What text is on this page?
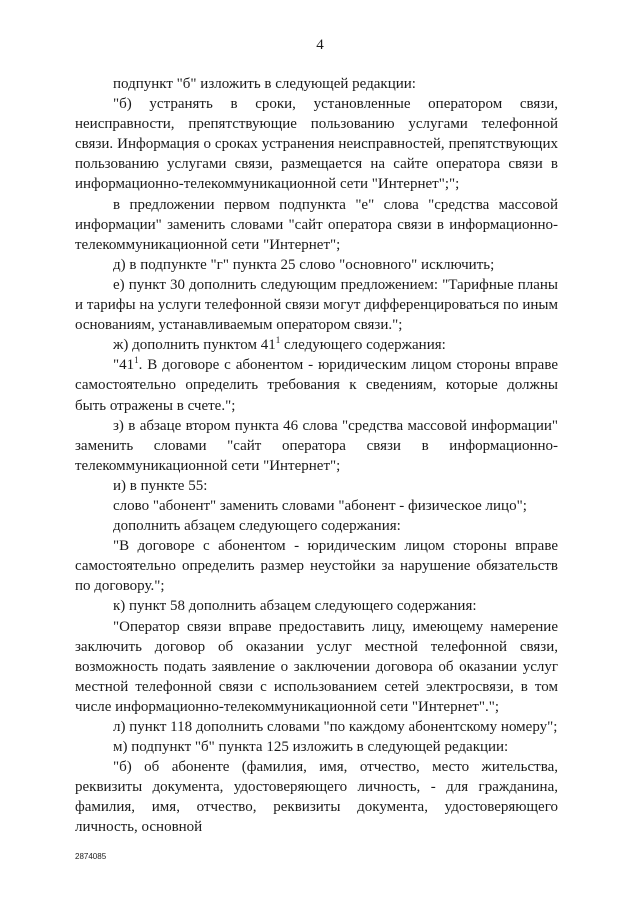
4

подпункт "б" изложить в следующей редакции:

"б) устранять в сроки, установленные оператором связи, неисправности, препятствующие пользованию услугами телефонной связи. Информация о сроках устранения неисправностей, препятствующих пользованию услугами связи, размещается на сайте оператора связи в информационно-телекоммуникационной сети "Интернет";";

в предложении первом подпункта "е" слова "средства массовой информации" заменить словами "сайт оператора связи в информационно-телекоммуникационной сети "Интернет";

д) в подпункте "г" пункта 25 слово "основного" исключить;

е) пункт 30 дополнить следующим предложением: "Тарифные планы и тарифы на услуги телефонной связи могут дифференцироваться по иным основаниям, устанавливаемым оператором связи.";

ж) дополнить пунктом $41^1$ следующего содержания:

"$41^1$. В договоре с абонентом - юридическим лицом стороны вправе самостоятельно определить требования к сведениям, которые должны быть отражены в счете.";

з) в абзаце втором пункта 46 слова "средства массовой информации" заменить словами "сайт оператора связи в информационно-телекоммуникационной сети "Интернет";

и) в пункте 55:

слово "абонент" заменить словами "абонент - физическое лицо";

дополнить абзацем следующего содержания:

"В договоре с абонентом - юридическим лицом стороны вправе самостоятельно определить размер неустойки за нарушение обязательств по договору.";

к) пункт 58 дополнить абзацем следующего содержания:

"Оператор связи вправе предоставить лицу, имеющему намерение заключить договор об оказании услуг местной телефонной связи, возможность подать заявление о заключении договора об оказании услуг местной телефонной связи с использованием сетей электросвязи, в том числе информационно-телекоммуникационной сети "Интернет".";

л) пункт 118 дополнить словами "по каждому абонентскому номеру";

м) подпункт "б" пункта 125 изложить в следующей редакции:

"б) об абоненте (фамилия, имя, отчество, место жительства, реквизиты документа, удостоверяющего личность, - для гражданина, фамилия, имя, отчество, реквизиты документа, удостоверяющего личность, основной

2874085
